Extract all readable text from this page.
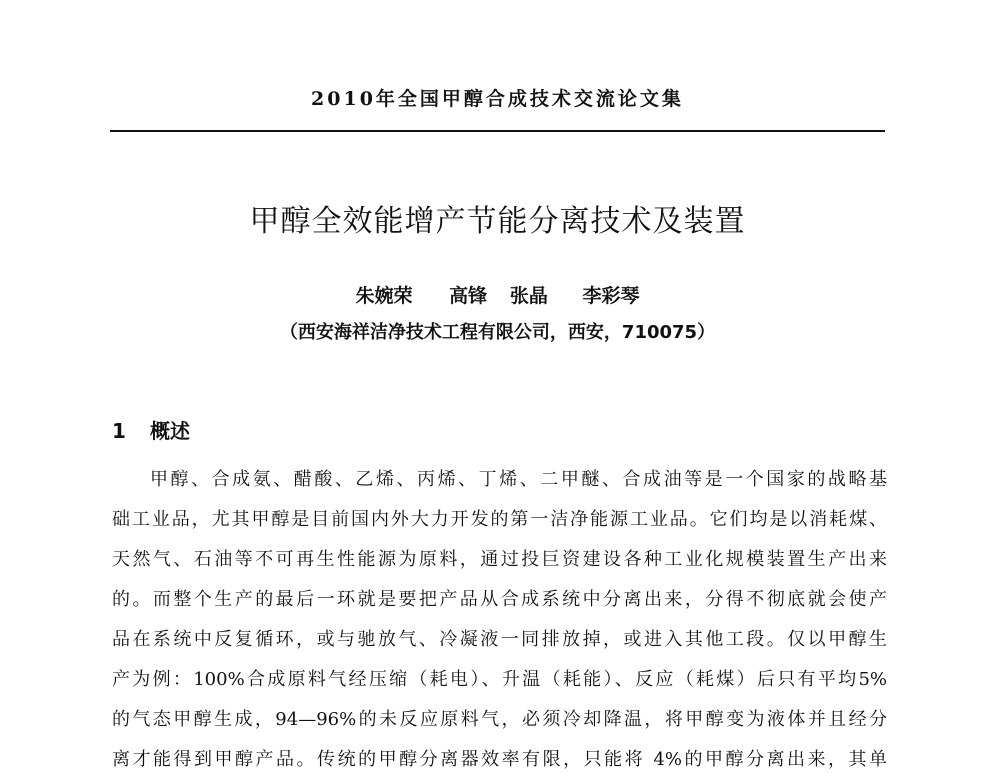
2010年全国甲醇合成技术交流论文集
甲醇全效能增产节能分离技术及装置
朱婉荣 高锋 张晶 李彩琴
（西安海祥洁净技术工程有限公司，西安，710075）
1 概述
甲醇、合成氨、醋酸、乙烯、丙烯、丁烯、二甲醚、合成油等是一个国家的战略基
础工业品，尤其甲醇是目前国内外大力开发的第一洁净能源工业品。它们均是以消耗煤、
天然气、石油等不可再生性能源为原料，通过投巨资建设各种工业化规模装置生产出来
的。而整个生产的最后一环就是要把产品从合成系统中分离出来，分得不彻底就会使产
品在系统中反复循环，或与驰放气、冷凝液一同排放掉，或进入其他工段。仅以甲醇生
产为例：100%合成原料气经压缩（耗电）、升温（耗能）、反应（耗煤）后只有平均5%
的气态甲醇生成，94—96%的未反应原料气，必须冷却降温，将甲醇变为液体并且经分
离才能得到甲醇产品。传统的甲醇分离器效率有限，只能将 4%的甲醇分离出来，其单
